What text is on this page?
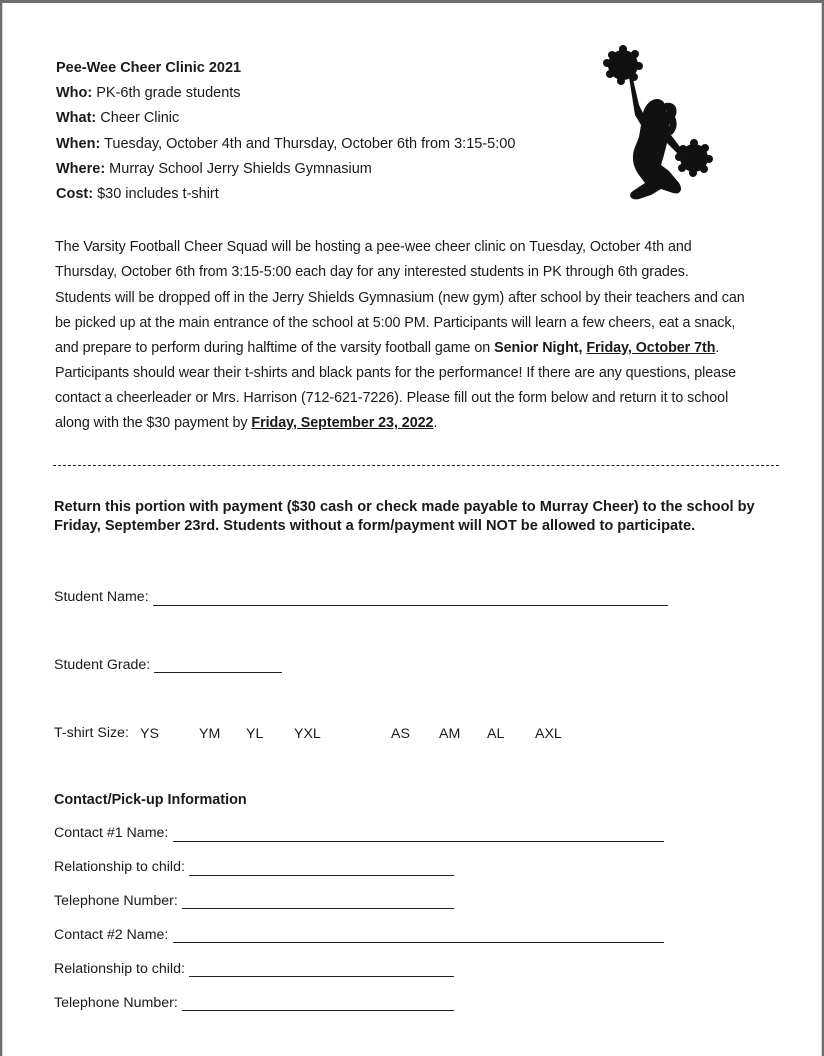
Pee-Wee Cheer Clinic 2021
Who: PK-6th grade students
What: Cheer Clinic
When: Tuesday, October 4th and Thursday, October 6th from 3:15-5:00
Where: Murray School Jerry Shields Gymnasium
Cost: $30 includes t-shirt
The Varsity Football Cheer Squad will be hosting a pee-wee cheer clinic on Tuesday, October 4th and
Thursday, October 6th from 3:15-5:00 each day for any interested students in PK through 6th grades.
Students will be dropped off in the Jerry Shields Gymnasium (new gym) after school by their teachers and can
be picked up at the main entrance of the school at 5:00 PM. Participants will learn a few cheers, eat a snack,
and prepare to perform during halftime of the varsity football game on Senior Night, Friday, October 7th.
Participants should wear their t-shirts and black pants for the performance! If there are any questions, please
contact a cheerleader or Mrs. Harrison (712-621-7226). Please fill out the form below and return it to school
along with the $30 payment by Friday, September 23, 2022.
Return this portion with payment ($30 cash or check made payable to Murray Cheer) to the school by
Friday, September 23rd. Students without a form/payment will NOT be allowed to participate.
Student Name:
Student Grade:
T-shirt Size: YS	YM YL YXL	AS AM AL AXL
Contact/Pick-up Information
Contact #1 Name:
Relationship to child:
Telephone Number:
Contact #2 Name:
Relationship to child:
Telephone Number:
